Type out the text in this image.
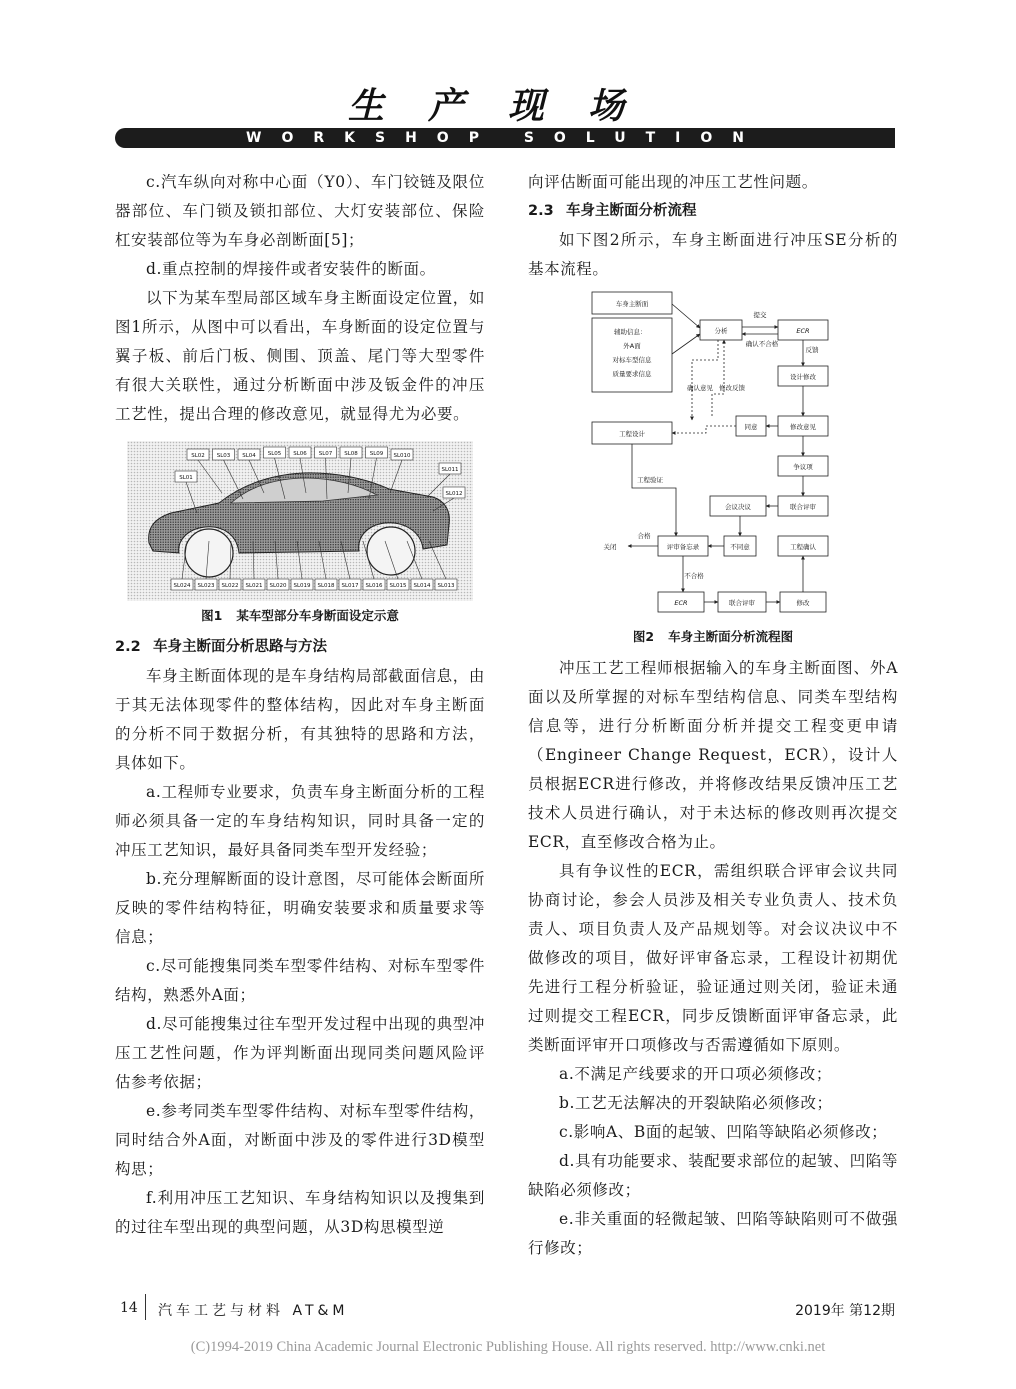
生产现场
WORKSHOP SOLUTION

c.汽车纵向对称中心面（Y0）、车门铰链及限位器部位、车门锁及锁扣部位、大灯安装部位、保险杠安装部位等为车身必剖断面[5]；

d.重点控制的焊接件或者安装件的断面。

以下为某车型局部区域车身主断面设定位置，如图1所示，从图中可以看出，车身断面的设定位置与翼子板、前后门板、侧围、顶盖、尾门等大型零件有很大关联性，通过分析断面中涉及钣金件的冲压工艺性，提出合理的修改意见，就显得尤为必要。

SL02 SL03 SL04 SL05 SL06 SL07 SL08 SL09 SL010
SL01
SL011
SL012
SL024 SL023 SL022 SL021 SL020 SL019 SL018 SL017 SL016 SL015 SL014 SL013
图1 某车型部分车身断面设定示意
2.2 车身主断面分析思路与方法

车身主断面体现的是车身结构局部截面信息，由于其无法体现零件的整体结构，因此对车身主断面的分析不同于数据分析，有其独特的思路和方法，具体如下。

a.工程师专业要求，负责车身主断面分析的工程师必须具备一定的车身结构知识，同时具备一定的冲压工艺知识，最好具备同类车型开发经验；

b.充分理解断面的设计意图，尽可能体会断面所反映的零件结构特征，明确安装要求和质量要求等信息；

c.尽可能搜集同类车型零件结构、对标车型零件结构，熟悉外A面；

d.尽可能搜集过往车型开发过程中出现的典型冲压工艺性问题，作为评判断面出现同类问题风险评估参考依据；

e.参考同类车型零件结构、对标车型零件结构，同时结合外A面，对断面中涉及的零件进行3D模型构思；

f.利用冲压工艺知识、车身结构知识以及搜集到的过往车型出现的典型问题，从3D构思模型逆

向评估断面可能出现的冲压工艺性问题。

2.3 车身主断面分析流程

如下图2所示，车身主断面进行冲压SE分析的基本流程。

车身主断面
辅助信息：
外A面
对标车型信息
质量要求信息
分析	ECR
设计修改
同意	修改意见
工程设计
争议项
会议决议	联合评审
关闭	评审备忘录	不同意	工程确认
ECR	联合评审	修改
提交
确认不合格
反馈
确认意见 修改反馈
工程验证
合格
不合格
图2 车身主断面分析流程图

冲压工艺工程师根据输入的车身主断面图、外A面以及所掌握的对标车型结构信息、同类车型结构信息等，进行分析断面分析并提交工程变更申请（Engineer Change Request，ECR），设计人员根据ECR进行修改，并将修改结果反馈冲压工艺技术人员进行确认，对于未达标的修改则再次提交ECR，直至修改合格为止。

具有争议性的ECR，需组织联合评审会议共同协商讨论，参会人员涉及相关专业负责人、技术负责人、项目负责人及产品规划等。对会议决议中不做修改的项目，做好评审备忘录，工程设计初期优先进行工程分析验证，验证通过则关闭，验证未通过则提交工程ECR，同步反馈断面评审备忘录，此类断面评审开口项修改与否需遵循如下原则。

a.不满足产线要求的开口项必须修改；

b.工艺无法解决的开裂缺陷必须修改；

c.影响A、B面的起皱、凹陷等缺陷必须修改；

d.具有功能要求、装配要求部位的起皱、凹陷等缺陷必须修改；

e.非关重面的轻微起皱、凹陷等缺陷则可不做强行修改；

14 汽车工艺与材料 AT&M	2019年 第12期
(C)1994-2019 China Academic Journal Electronic Publishing House. All rights reserved. http://www.cnki.net
